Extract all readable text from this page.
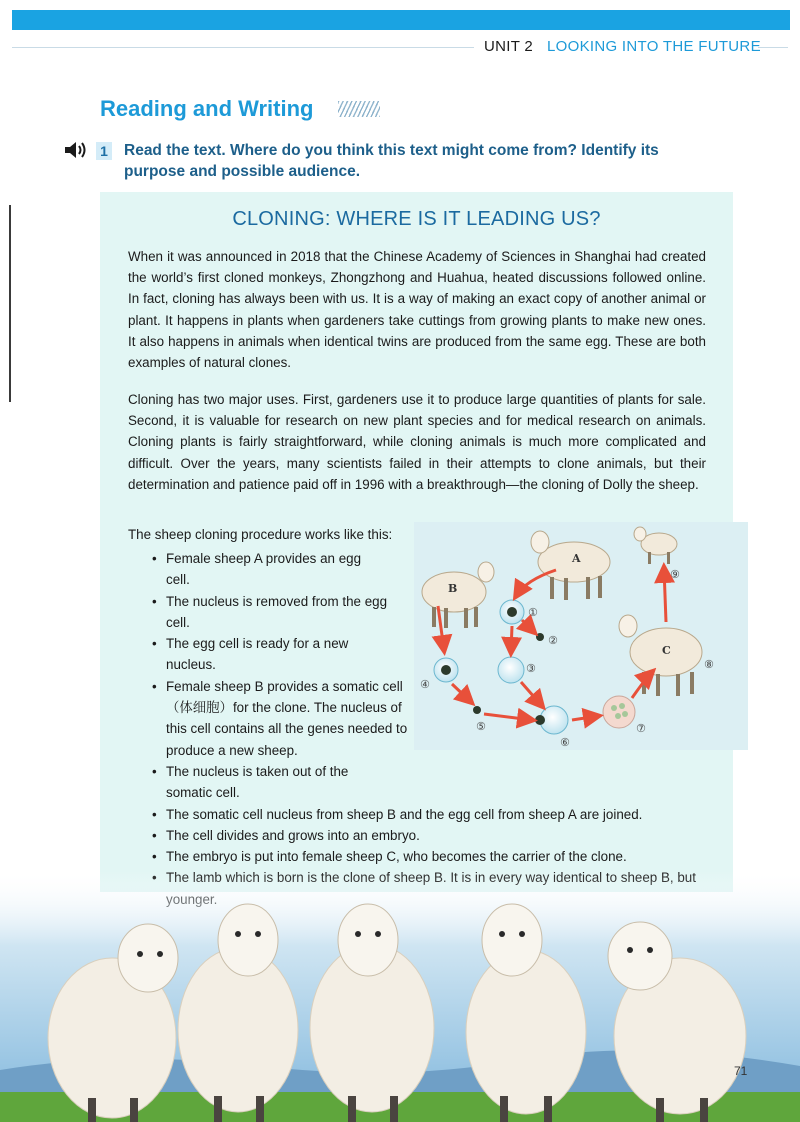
UNIT 2 LOOKING INTO THE FUTURE
Reading and Writing
1 Read the text. Where do you think this text might come from? Identify its purpose and possible audience.

CLONING: WHERE IS IT LEADING US?

When it was announced in 2018 that the Chinese Academy of Sciences in Shanghai had created the world’s first cloned monkeys, Zhongzhong and Huahua, heated discussions followed online. In fact, cloning has always been with us. It is a way of making an exact copy of another animal or plant. It happens in plants when gardeners take cuttings from growing plants to make new ones. It also happens in animals when identical twins are produced from the same egg. These are both examples of natural clones.

Cloning has two major uses. First, gardeners use it to produce large quantities of plants for sale. Second, it is valuable for research on new plant species and for medical research on animals. Cloning plants is fairly straightforward, while cloning animals is much more complicated and difficult. Over the years, many scientists failed in their attempts to clone animals, but their determination and patience paid off in 1996 with a breakthrough—the cloning of Dolly the sheep.

The sheep cloning procedure works like this:
• Female sheep A provides an egg cell.
• The nucleus is removed from the egg cell.
• The egg cell is ready for a new nucleus.
• Female sheep B provides a somatic cell（体细胞）for the clone. The nucleus of this cell contains all the genes needed to produce a new sheep.
• The nucleus is taken out of the somatic cell.
• The somatic cell nucleus from sheep B and the egg cell from sheep A are joined.
• The cell divides and grows into an embryo.
• The embryo is put into female sheep C, who becomes the carrier of the clone.
•
A
B
C
①
②
③
④
⑤
⑥
⑦
⑧
⑨
71
